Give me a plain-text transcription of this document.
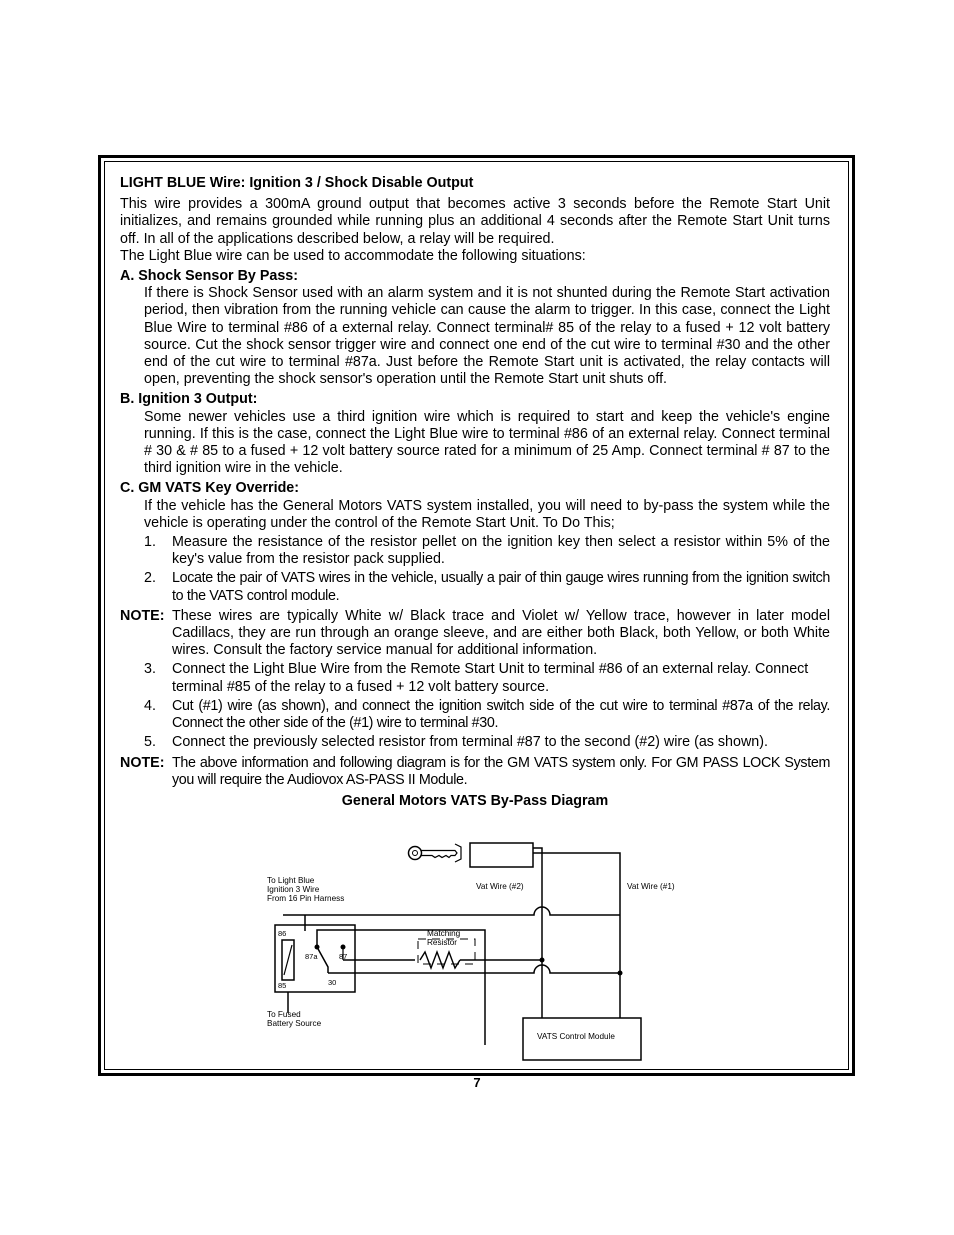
LIGHT BLUE Wire: Ignition 3 / Shock Disable Output

This wire provides a 300mA ground output that becomes active 3 seconds before the Remote Start Unit initializes, and remains grounded while running plus an additional 4 seconds after the Remote Start Unit turns off. In all of the applications described below, a relay will be required.

The Light Blue wire can be used to accommodate the following situations:

A. Shock Sensor By Pass:

If there is Shock Sensor used with an alarm system and it is not shunted during the Remote Start activation period, then vibration from the running vehicle can cause the alarm to trigger. In this case, connect the Light Blue Wire to terminal #86 of a external relay. Connect terminal# 85 of the relay to a fused + 12 volt battery source. Cut the shock sensor trigger wire and connect one end of the cut wire to terminal #30 and the other end of the cut wire to terminal #87a. Just before the Remote Start unit is activated, the relay contacts will open, preventing the shock sensor's operation until the Remote Start unit shuts off.

B. Ignition 3 Output:

Some newer vehicles use a third ignition wire which is required to start and keep the vehicle's engine running. If this is the case, connect the Light Blue wire to terminal #86 of an external relay. Connect terminal # 30 & # 85 to a fused + 12 volt battery source rated for a minimum of 25 Amp. Connect terminal # 87 to the third ignition wire in the vehicle.

C. GM VATS Key Override:

If the vehicle has the General Motors VATS system installed, you will need to by-pass the system while the vehicle is operating under the control of the Remote Start Unit. To Do This;

1. Measure the resistance of the resistor pellet on the ignition key then select a resistor within 5% of the key's value from the resistor pack supplied.

2. Locate the pair of VATS wires in the vehicle, usually a pair of thin gauge wires running from the ignition switch to the VATS control module.

NOTE: These wires are typically White w/ Black trace and Violet w/ Yellow trace, however in later model Cadillacs, they are run through an orange sleeve, and are either both Black, both Yellow, or both White wires. Consult the factory service manual for additional information.

3. Connect the Light Blue Wire from the Remote Start Unit to terminal #86 of an external relay. Connect terminal #85 of the relay to a fused + 12 volt battery source.

4. Cut (#1) wire (as shown), and connect the ignition switch side of the cut wire to terminal #87a of the relay. Connect the other side of the (#1) wire to terminal #30.

5. Connect the previously selected resistor from terminal #87 to the second (#2) wire (as shown).

NOTE: The above information and following diagram is for the GM VATS system only. For GM PASS LOCK System you will require the Audiovox AS-PASS II Module.

General Motors VATS By-Pass Diagram

To Light Blue
Ignition 3 Wire
From 16 Pin Harness
Vat Wire (#2)	Vat Wire (#1)
Matching
Resistor
86
85
87a	87
30
To Fused
Battery Source
VATS Control Module
7
